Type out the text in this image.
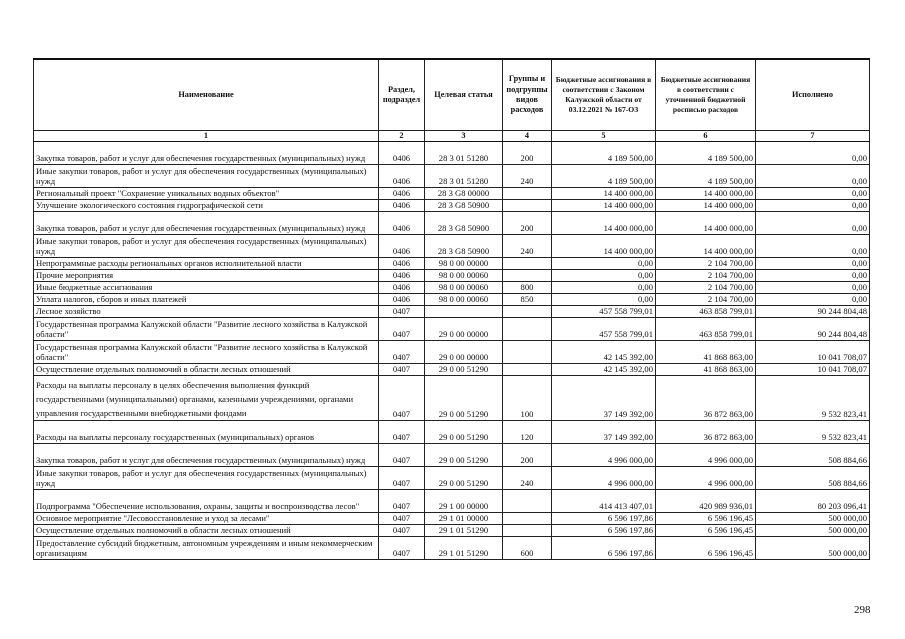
Наименование	Раздел, подраздел	Целевая статья	Группы и подгруппы видов расходов	Бюджетные ассигнования в соответствии с Законом Калужской области от 03.12.2021 № 167-ОЗ	Бюджетные ассигнования в соответствии с уточненной бюджетной росписью расходов	Исполнено
1	2	3	4	5	6	7
Закупка товаров, работ и услуг для обеспечения государственных (муниципальных) нужд	0406	28 3 01 51280	200	4 189 500,00	4 189 500,00	0,00
Иные закупки товаров, работ и услуг для обеспечения государственных (муниципальных) нужд	0406	28 3 01 51280	240	4 189 500,00	4 189 500,00	0,00
Региональный проект "Сохранение уникальных водных объектов"	0406	28 3 G8 00000		14 400 000,00	14 400 000,00	0,00
Улучшение экологического состояния гидрографической сети	0406	28 3 G8 50900		14 400 000,00	14 400 000,00	0,00
Закупка товаров, работ и услуг для обеспечения государственных (муниципальных) нужд	0406	28 3 G8 50900	200	14 400 000,00	14 400 000,00	0,00
Иные закупки товаров, работ и услуг для обеспечения государственных (муниципальных) нужд	0406	28 3 G8 50900	240	14 400 000,00	14 400 000,00	0,00
Непрограммные расходы региональных органов исполнительной власти	0406	98 0 00 00000		0,00	2 104 700,00	0,00
Прочие мероприятия	0406	98 0 00 00060		0,00	2 104 700,00	0,00
Иные бюджетные ассигнования	0406	98 0 00 00060	800	0,00	2 104 700,00	0,00
Уплата налогов, сборов и иных платежей	0406	98 0 00 00060	850	0,00	2 104 700,00	0,00
Лесное хозяйство	0407			457 558 799,01	463 858 799,01	90 244 804,48
Государственная программа Калужской области "Развитие лесного хозяйства в Калужской области"	0407	29 0 00 00000		457 558 799,01	463 858 799,01	90 244 804,48
Государственная программа Калужской области "Развитие лесного хозяйства в Калужской области"	0407	29 0 00 00000		42 145 392,00	41 868 863,00	10 041 708,07
Осуществление отдельных полномочий в области лесных отношений	0407	29 0 00 51290		42 145 392,00	41 868 863,00	10 041 708,07
Расходы на выплаты персоналу в целях обеспечения выполнения функций государственными (муниципальными) органами, казенными учреждениями, органами управления государственными внебюджетными фондами	0407	29 0 00 51290	100	37 149 392,00	36 872 863,00	9 532 823,41
Расходы на выплаты персоналу государственных (муниципальных) органов	0407	29 0 00 51290	120	37 149 392,00	36 872 863,00	9 532 823,41
Закупка товаров, работ и услуг для обеспечения государственных (муниципальных) нужд	0407	29 0 00 51290	200	4 996 000,00	4 996 000,00	508 884,66
Иные закупки товаров, работ и услуг для обеспечения государственных (муниципальных) нужд	0407	29 0 00 51290	240	4 996 000,00	4 996 000,00	508 884,66
Подпрограмма "Обеспечение использования, охраны, защиты и воспроизводства лесов"	0407	29 1 00 00000		414 413 407,01	420 989 936,01	80 203 096,41
Основное мероприятие "Лесовосстановление и уход за лесами"	0407	29 1 01 00000		6 596 197,86	6 596 196,45	500 000,00
Осуществление отдельных полномочий в области лесных отношений	0407	29 1 01 51290		6 596 197,86	6 596 196,45	500 000,00
Предоставление субсидий бюджетным, автономным учреждениям и иным некоммерческим организациям	0407	29 1 01 51290	600	6 596 197,86	6 596 196,45	500 000,00
298
